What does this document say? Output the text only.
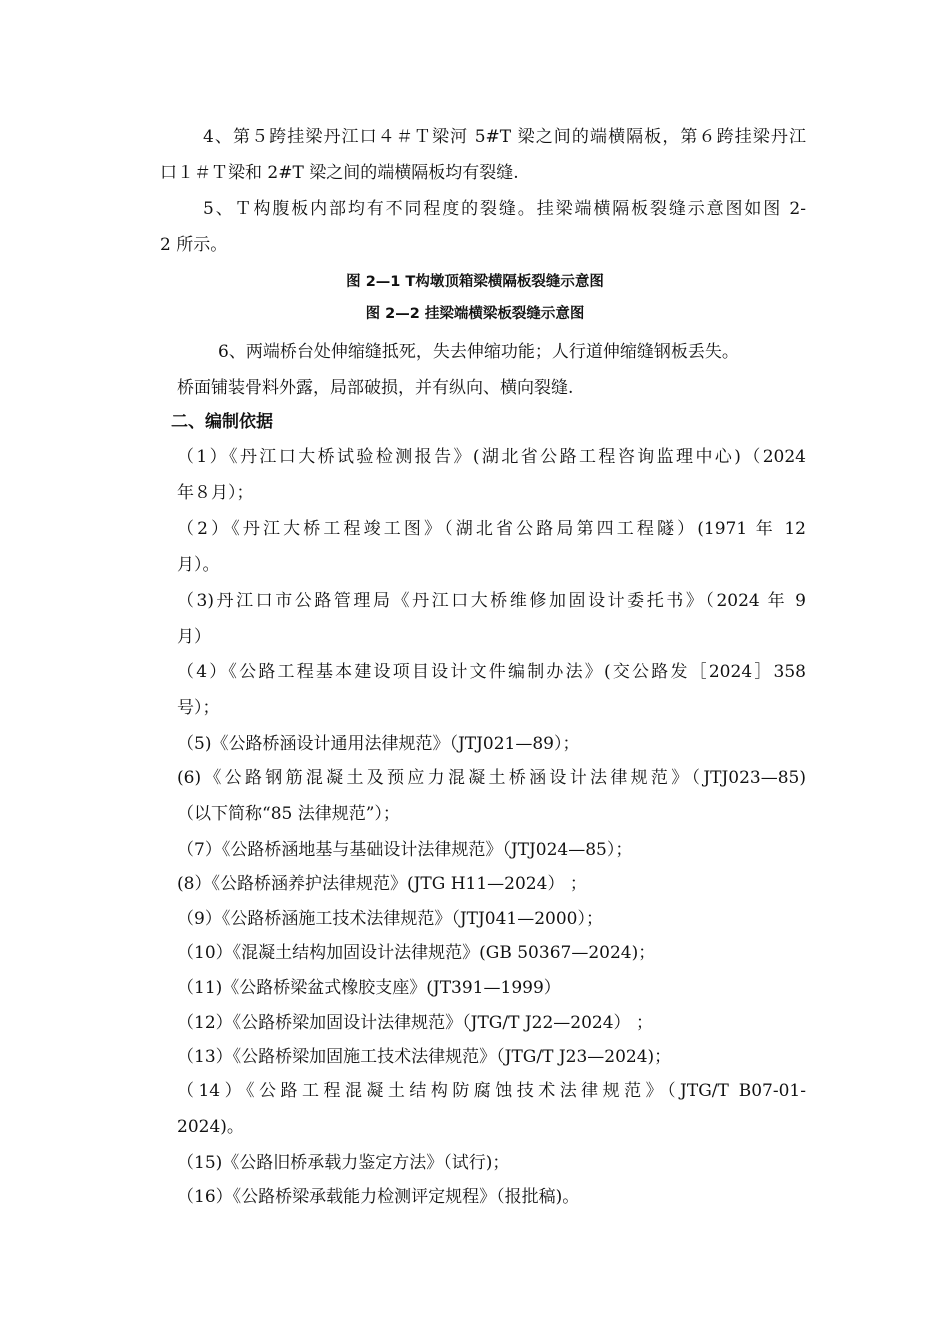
4、第５跨挂梁丹江口４＃Ｔ梁河 5#T 梁之间的端横隔板，第６跨挂梁丹江
口１＃Ｔ梁和 2#T 梁之间的端横隔板均有裂缝.
5、Ｔ构腹板内部均有不同程度的裂缝。挂梁端横隔板裂缝示意图如图 2-
2 所示。
图 2—1 T构墩顶箱梁横隔板裂缝示意图
图 2—2 挂梁端横梁板裂缝示意图
6、两端桥台处伸缩缝抵死，失去伸缩功能；人行道伸缩缝钢板丢失。
桥面铺装骨料外露，局部破损，并有纵向、横向裂缝.
二、编制依据
（1）《丹江口大桥试验检测报告》(湖北省公路工程咨询监理中心)（2024
年８月）；
（2）《丹江大桥工程竣工图》（湖北省公路局第四工程隧）(1971 年 12
月）。
（3)丹江口市公路管理局《丹江口大桥维修加固设计委托书》（2024 年 9
月）
（4）《公路工程基本建设项目设计文件编制办法》(交公路发［2024］358
号）；
（5)《公路桥涵设计通用法律规范》（JTJ021—89）；
(6)《公路钢筋混凝土及预应力混凝土桥涵设计法律规范》（JTJ023—85)
（以下简称“85 法律规范”）；
（7）《公路桥涵地基与基础设计法律规范》（JTJ024—85）；
(8）《公路桥涵养护法律规范》(JTG H11—2024） ；
（9）《公路桥涵施工技术法律规范》（JTJ041—2000）；
（10）《混凝土结构加固设计法律规范》(GB 50367—2024)；
（11)《公路桥梁盆式橡胶支座》(JT391—1999）
（12）《公路桥梁加固设计法律规范》（JTG/T J22—2024） ；
（13）《公路桥梁加固施工技术法律规范》（JTG/T J23—2024)；
（14）《公路工程混凝土结构防腐蚀技术法律规范》（JTG/T B07-01-
2024)。
（15)《公路旧桥承载力鉴定方法》（试行)；
（16）《公路桥梁承载能力检测评定规程》（报批稿)。
